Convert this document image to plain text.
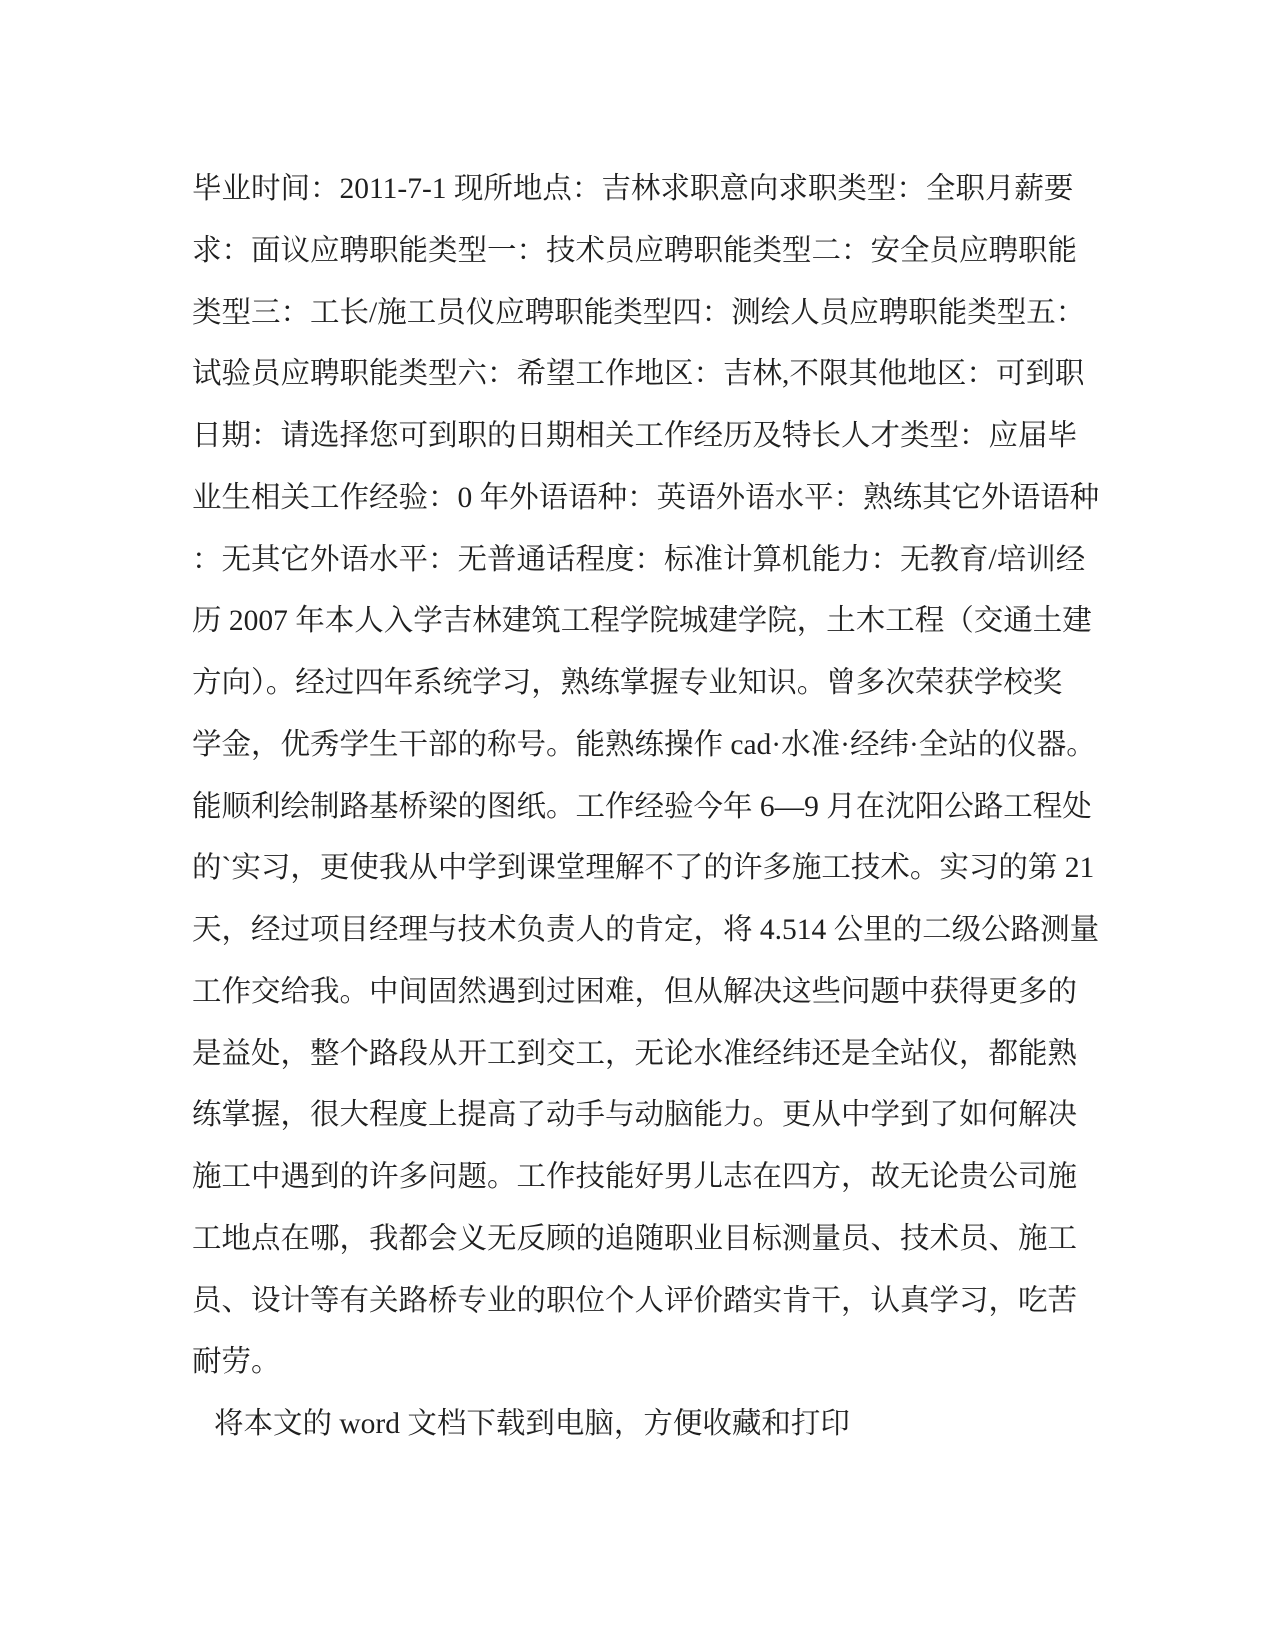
毕业时间：2011-7-1 现所地点：吉林求职意向求职类型：全职月薪要
求：面议应聘职能类型一：技术员应聘职能类型二：安全员应聘职能
类型三：工长/施工员仪应聘职能类型四：测绘人员应聘职能类型五：
试验员应聘职能类型六：希望工作地区：吉林,不限其他地区：可到职
日期：请选择您可到职的日期相关工作经历及特长人才类型：应届毕
业生相关工作经验：0 年外语语种：英语外语水平：熟练其它外语语种
：无其它外语水平：无普通话程度：标准计算机能力：无教育/培训经
历 2007 年本人入学吉林建筑工程学院城建学院，土木工程（交通土建
方向）。经过四年系统学习，熟练掌握专业知识。曾多次荣获学校奖
学金，优秀学生干部的称号。能熟练操作 cad·水准·经纬·全站的仪器。
能顺利绘制路基桥梁的图纸。工作经验今年 6—9 月在沈阳公路工程处
的`实习，更使我从中学到课堂理解不了的许多施工技术。实习的第 21
天，经过项目经理与技术负责人的肯定，将 4.514 公里的二级公路测量
工作交给我。中间固然遇到过困难，但从解决这些问题中获得更多的
是益处，整个路段从开工到交工，无论水准经纬还是全站仪，都能熟
练掌握，很大程度上提高了动手与动脑能力。更从中学到了如何解决
施工中遇到的许多问题。工作技能好男儿志在四方，故无论贵公司施
工地点在哪，我都会义无反顾的追随职业目标测量员、技术员、施工
员、设计等有关路桥专业的职位个人评价踏实肯干，认真学习，吃苦
耐劳。
将本文的 word 文档下载到电脑，方便收藏和打印
